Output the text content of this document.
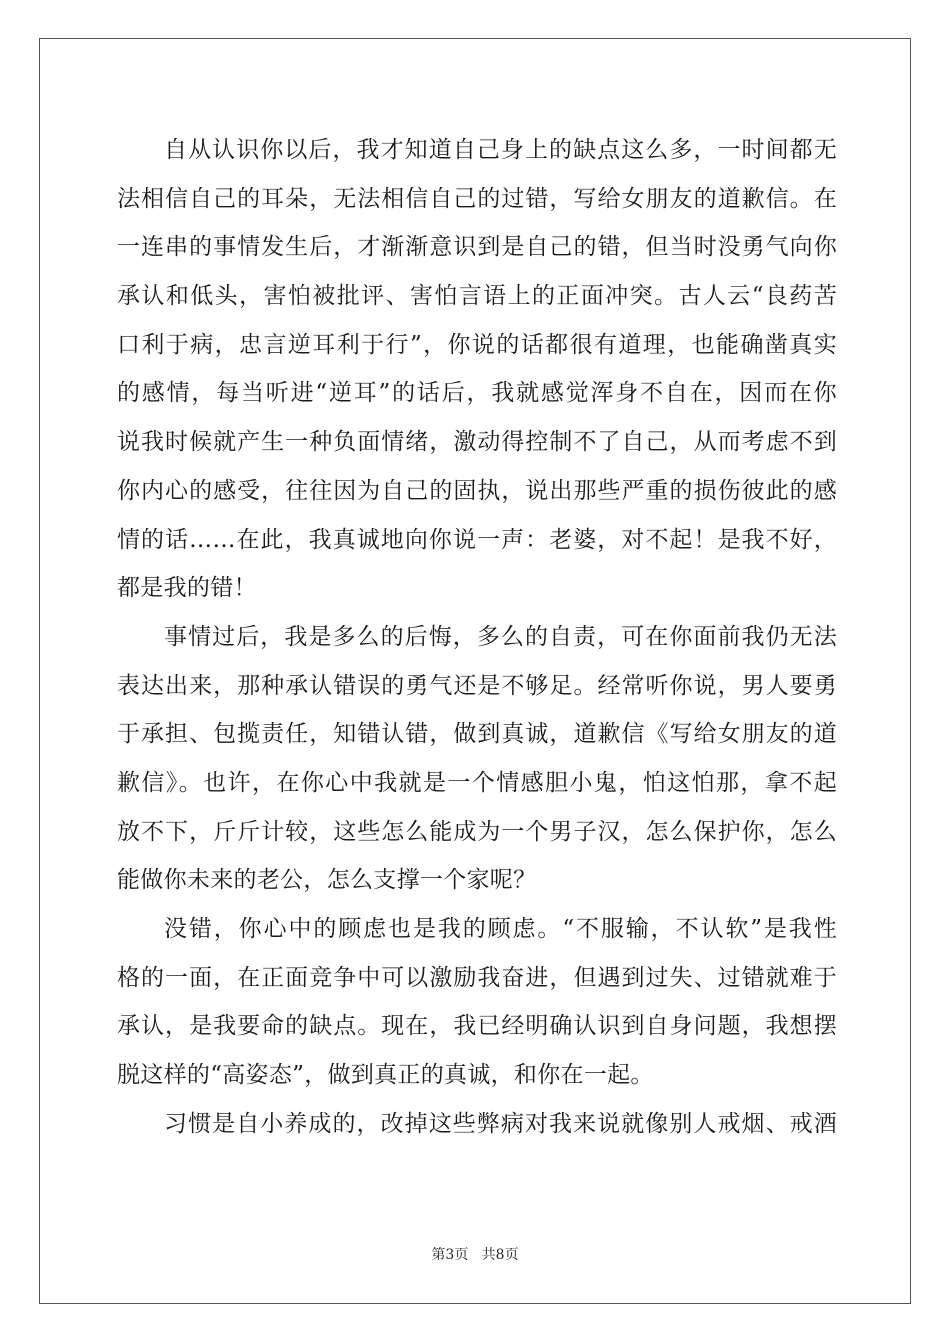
自从认识你以后，我才知道自己身上的缺点这么多，一时间都无
法相信自己的耳朵，无法相信自己的过错，写给女朋友的道歉信。在
一连串的事情发生后，才渐渐意识到是自己的错，但当时没勇气向你
承认和低头，害怕被批评、害怕言语上的正面冲突。古人云“良药苦
口利于病，忠言逆耳利于行”，你说的话都很有道理，也能确凿真实
的感情，每当听进“逆耳”的话后，我就感觉浑身不自在，因而在你
说我时候就产生一种负面情绪，激动得控制不了自己，从而考虑不到
你内心的感受，往往因为自己的固执，说出那些严重的损伤彼此的感
情的话……在此，我真诚地向你说一声：老婆，对不起！是我不好，
都是我的错！
事情过后，我是多么的后悔，多么的自责，可在你面前我仍无法
表达出来，那种承认错误的勇气还是不够足。经常听你说，男人要勇
于承担、包揽责任，知错认错，做到真诚，道歉信《写给女朋友的道
歉信》。也许，在你心中我就是一个情感胆小鬼，怕这怕那，拿不起
放不下，斤斤计较，这些怎么能成为一个男子汉，怎么保护你，怎么
能做你未来的老公，怎么支撑一个家呢？
没错，你心中的顾虑也是我的顾虑。“不服输，不认软”是我性
格的一面，在正面竞争中可以激励我奋进，但遇到过失、过错就难于
承认，是我要命的缺点。现在，我已经明确认识到自身问题，我想摆
脱这样的“高姿态”，做到真正的真诚，和你在一起。
习惯是自小养成的，改掉这些弊病对我来说就像别人戒烟、戒酒
第3页   共8页
